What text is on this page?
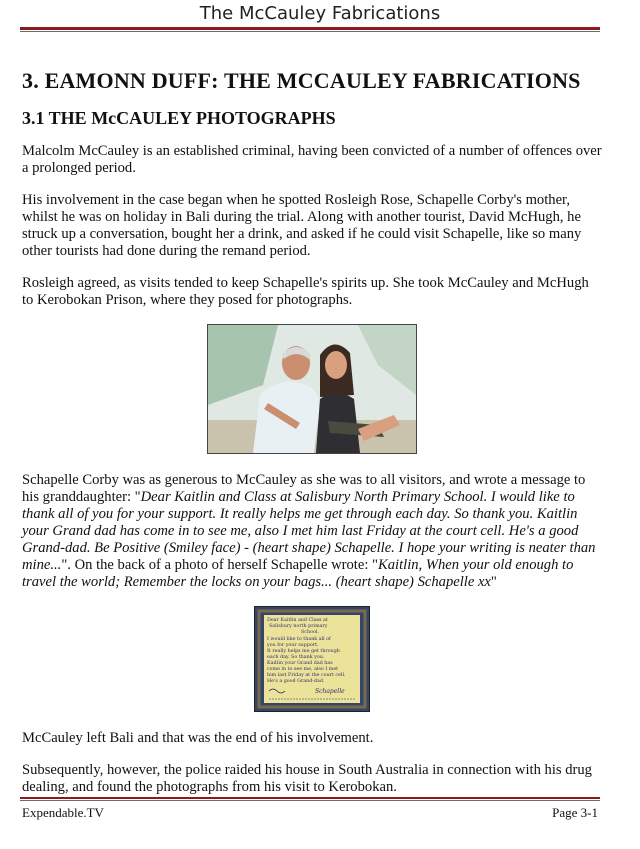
The McCauley Fabrications
3. EAMONN DUFF: THE MCCAULEY FABRICATIONS
3.1 THE McCAULEY PHOTOGRAPHS

Malcolm McCauley is an established criminal, having been convicted of a number of offences over a prolonged period.

His involvement in the case began when he spotted Rosleigh Rose, Schapelle Corby's mother, whilst he was on holiday in Bali during the trial. Along with another tourist, David McHugh, he struck up a conversation, bought her a drink, and asked if he could visit Schapelle, like so many other tourists had done during the remand period.

Rosleigh agreed, as visits tended to keep Schapelle's spirits up. She took McCauley and McHugh to Kerobokan Prison, where they posed for photographs.

Schapelle Corby was as generous to McCauley as she was to all visitors, and wrote a message to his granddaughter: "Dear Kaitlin and Class at Salisbury North Primary School. I would like to thank all of you for your support. It really helps me get through each day. So thank you. Kaitlin your Grand dad has come in to see me, also I met him last Friday at the court cell. He's a good Grand-dad. Be Positive (Smiley face) - (heart shape) Schapelle. I hope your writing is neater than mine...". On the back of a photo of herself Schapelle wrote: "Kaitlin, When your old enough to travel the world; Remember the locks on your bags... (heart shape) Schapelle xx"

Dear Kaitlin and Class at
Salisbury north primary
School.
I would like to thank all of
you for your support.
It really helps me get through
each day. So thank you.
Kaitlin your Grand dad has
come in to see me, also I met
him last Friday at the court cell.
He's a good Grand-dad.
Schapelle

McCauley left Bali and that was the end of his involvement.

Subsequently, however, the police raided his house in South Australia in connection with his drug dealing, and found the photographs from his visit to Kerobokan.

Expendable.TV	Page 3-1
